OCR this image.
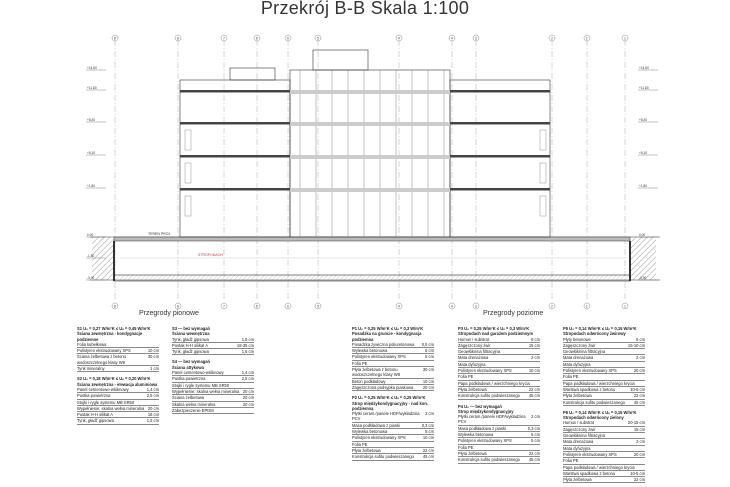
Przekrój B-B Skala 1:100
8'
8'
8
8
7
7
6'
6'
6
6
5
5
4'
4'
4
4
3
3
2
2
1'
1'
1
1
+14,60
+11,80
+8,40
+5,10
+1,80
0,00
-1,80
-3,90
+14,60
+11,80
+8,40
+5,10
+1,80
0,00
-3,90
TEREN PROJ.
STROPODACH
Przegrody pionowe	Przegrody poziome
S1 U₀ = 0,27 W/m²K ≤ Uₙ = 0,45 W/m²K
Ściana zewnętrzna - kondygnacje podziemne
Folia kubełkowa
Polistyren ekstrudowany XPS	10 cm
Ściana żelbetowa z betonu wodoszczelnego klasy W8
30 cm
Tynk mineralny	1 cm
S2 U₀ = 0,18 W/m²K ≤ Uₙ = 0,20 W/m²K
Ściana zewnętrzna - elewacja aluminiowa
Panel cementowo-włóknowy	1,4 cm
Pustka powietrzna	2,5 cm
Stojki i rygle systemu MB SR50
Wypełnienie: skalna wełna mineralna 20 cm
Pustak H-H silikat A	18 cm
Tynk, gładź gipsowa	1,5 cm
S3 — bez wymagań
Ściana wewnętrzna
Tynk, gładź gipsowa	1,5 cm
Pustak H-H silikat A	18-35 cm
Tynk, gładź gipsowa	1,5 cm
S4 — bez wymagań
Ściana attykowa
Panel cementowo-włóknowy	1,4 cm
Pustka powietrzna	2,5 cm
Stojki i rygle systemu MB SR50
Wypełnienie: skalna wełna mineralna 20 cm
Ściana żelbetowa	20 cm
Skalna wełna mineralna	20 cm
Zabezpieczenie EPDM
P1 U₀ = 0,25 W/m²K ≤ Uₙ = 0,3 W/m²K
Posadzka na gruncie - kondygnacja podziemna
Posadzka żywiczna poliuretanowa 0,5 cm
Wylewka betonowa	5 cm
Polistyren ekstrudowany XPS	5 cm
Folia PE
Płyta żelbetowa z betonu wodoszczelnego klasy W8
30 cm
Beton podkładowy	10 cm
Zagęszczona podsypka piaskowa 20 cm
P2 U₀ = 0,25 W/m²K ≤ Uₙ = 0,25 W/m²K
Strop międzykondygnacyjny - nad kon. podziemną
Płytki ceram./panele HDF/wykładzina PCV
2 cm
Masa podkładowa z pianki	0,3 cm
Wylewka betonowa	5 cm
Polistyren ekstrudowany XPS	10 cm
Folia PE
Płyta żelbetowa	22 cm
Konstrukcja sufitu podwieszanego 45 cm
P3 U₀ = 0,25 W/m²K ≤ Uₙ = 0,3 W/m²K
Stropodach nad garażem podziemnym
Humus / substrat	8 cm
Zagęszczony żwir	15 cm
Geowłóknina filtracyjna
Mata drenażowa	2 cm
Mata dyfuzyjna
Polistyren ekstrudowany XPS	10 cm
Folia PE
Papa podkładowa / wierzchniego krycia
Płyta żelbetowa	22 cm
Konstrukcja sufitu podwieszanego 45 cm
P4 U₀ — bez wymagań
Strop międzykondygnacyjny
Płytki ceram./panele HDF/wykładzina PCV
2 cm
Masa podkładowa z pianki	0,3 cm
Wylewka betonowa	5 cm
Polistyren ekstrudowany XPS	5 cm
Folia PE
Płyta żelbetowa	22 cm
Konstrukcja sufitu podwieszanego 45 cm
P5 U₀ = 0,14 W/m²K ≤ Uₙ = 0,15 W/m²K
Stropodach odwrócony żwirowy
Płyty betonowe	5 cm
Zagęszczony żwir	15-10 cm
Geowłóknina filtracyjna
Mata drenażowa	2 cm
Mata dyfuzyjna
Polistyren ekstrudowany XPS	20 cm
Folia PE
Papa podkładowa / wierzchniego krycia
Warstwa spadkowa z betonu	10-5 cm
Płyta żelbetowa	22 cm
Konstrukcja sufitu podwieszanego 45 cm
P6 U₀ = 0,14 W/m²K ≤ Uₙ = 0,15 W/m²K
Stropodach odwrócony zielony
Humus / substrat	20-15 cm
Zagęszczony żwir	15 cm
Geowłóknina filtracyjna
Mata drenażowa	2 cm
Mata dyfuzyjna
Polistyren ekstrudowany XPS	20 cm
Folia PE
Papa podkładowa / wierzchniego krycia
Warstwa spadkowa z betonu	10-5 cm
Płyta żelbetowa	22 cm
